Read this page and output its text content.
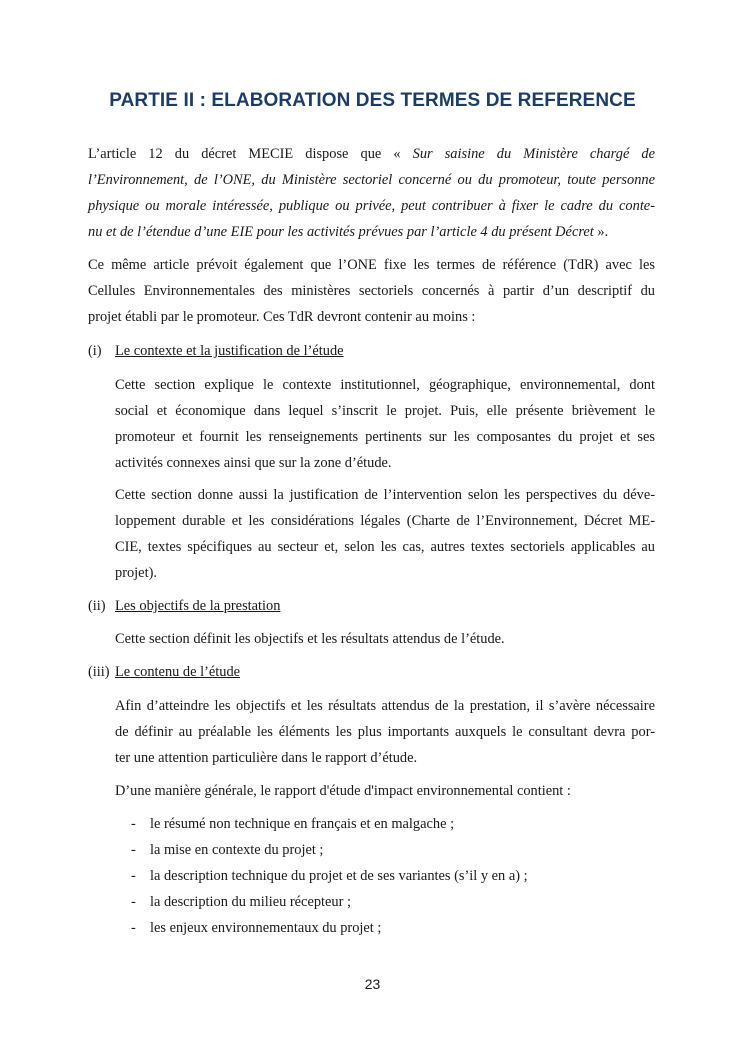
PARTIE II : ELABORATION DES TERMES DE REFERENCE
L’article 12 du décret MECIE dispose que « Sur saisine du Ministère chargé de
l’Environnement, de l’ONE, du Ministère sectoriel concerné ou du promoteur, toute personne
physique ou morale intéressée, publique ou privée, peut contribuer à fixer le cadre du conte-
nu et de l’étendue d’une EIE pour les activités prévues par l’article 4 du présent Décret ».
Ce même article prévoit également que l’ONE fixe les termes de référence (TdR) avec les
Cellules Environnementales des ministères sectoriels concernés à partir d’un descriptif du
projet établi par le promoteur. Ces TdR devront contenir au moins :
(i) Le contexte et la justification de l’étude
Cette section explique le contexte institutionnel, géographique, environnemental, dont
social et économique dans lequel s’inscrit le projet. Puis, elle présente brièvement le
promoteur et fournit les renseignements pertinents sur les composantes du projet et ses
activités connexes ainsi que sur la zone d’étude.
Cette section donne aussi la justification de l’intervention selon les perspectives du déve-
loppement durable et les considérations légales (Charte de l’Environnement, Décret ME-
CIE, textes spécifiques au secteur et, selon les cas, autres textes sectoriels applicables au
projet).
(ii) Les objectifs de la prestation
Cette section définit les objectifs et les résultats attendus de l’étude.
(iii) Le contenu de l’étude
Afin d’atteindre les objectifs et les résultats attendus de la prestation, il s’avère nécessaire
de définir au préalable les éléments les plus importants auxquels le consultant devra por-
ter une attention particulière dans le rapport d’étude.
D’une manière générale, le rapport d'étude d'impact environnemental contient :
- le résumé non technique en français et en malgache ;
- la mise en contexte du projet ;
- la description technique du projet et de ses variantes (s’il y en a) ;
- la description du milieu récepteur ;
- les enjeux environnementaux du projet ;
23
